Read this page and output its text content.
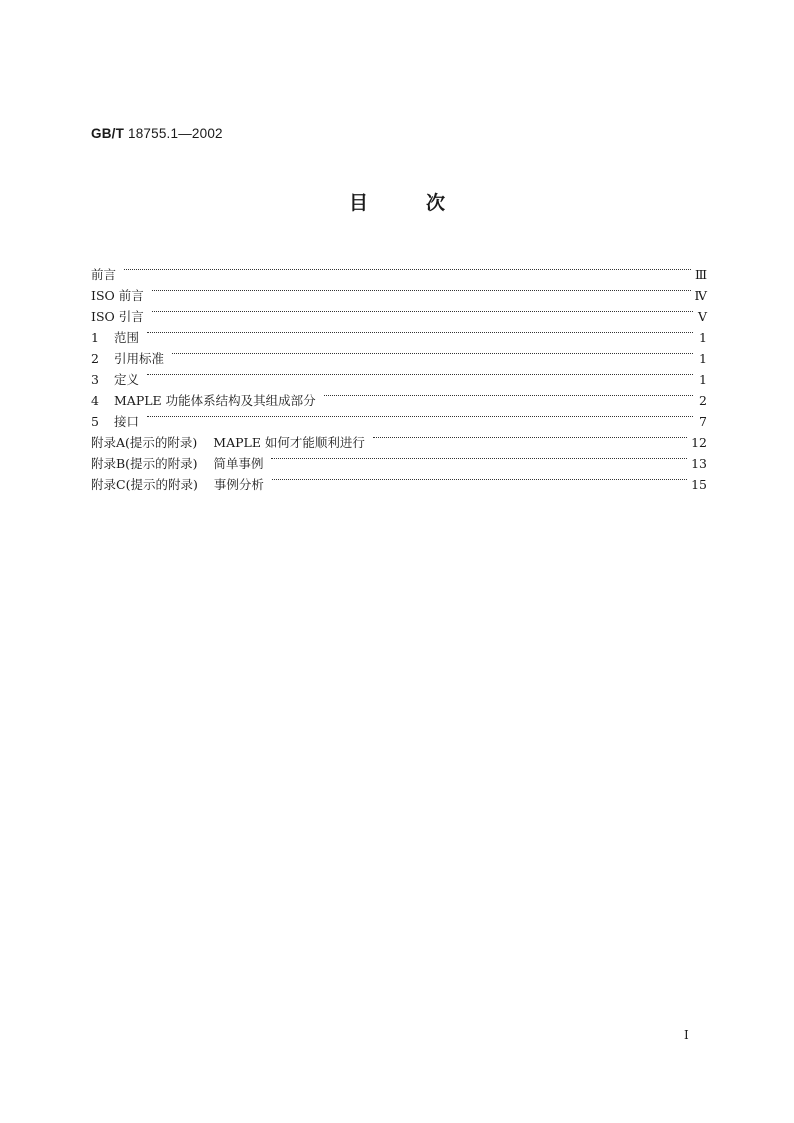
GB/T 18755.1—2002
目次
前言	Ⅲ
ISO 前言	Ⅳ
ISO 引言	Ⅴ
1	范围	1
2	引用标准	1
3	定义	1
4	MAPLE 功能体系结构及其组成部分	2
5	接口	7
附录A(提示的附录) MAPLE 如何才能顺利进行	12
附录B(提示的附录) 简单事例	13
附录C(提示的附录) 事例分析	15
I
